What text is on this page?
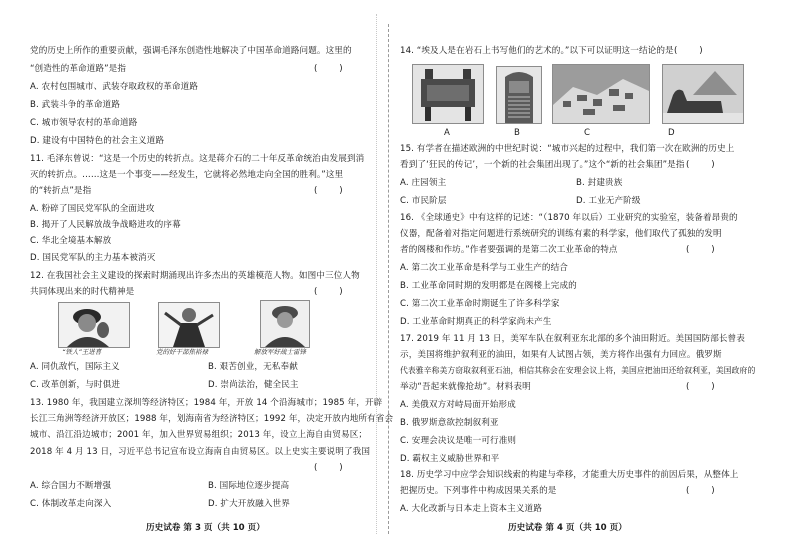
党的历史上所作的重要贡献，强调毛泽东创造性地解决了中国革命道路问题。这里的
“创造性的革命道路”是指	(        )
A. 农村包围城市、武装夺取政权的革命道路
B. 武装斗争的革命道路
C. 城市领导农村的革命道路
D. 建设有中国特色的社会主义道路
11. 毛泽东曾说：“这是一个历史的转折点。这是蒋介石的二十年反革命统治由发展到消
灭的转折点。……这是一个事变——经发生，它就将必然地走向全国的胜利。”这里
的“转折点”是指	(        )
A. 粉碎了国民党军队的全面进攻
B. 揭开了人民解放战争战略进攻的序幕
C. 华北全境基本解放
D. 国民党军队的主力基本被消灭
12. 在我国社会主义建设的探索时期涌现出许多杰出的英雄模范人物。如图中三位人物
共同体现出来的时代精神是	(        )
“铁人”王进喜	党的好干部焦裕禄	解放军好战士雷锋
A. 同仇敌忾，国际主义	B. 艰苦创业，无私奉献
C. 改革创新，与时俱进	D. 崇尚法治，健全民主
13. 1980 年，我国建立深圳等经济特区；1984 年，开放 14 个沿海城市；1985 年，开辟
长江三角洲等经济开放区；1988 年，划海南省为经济特区；1992 年，决定开放内地所有省会
城市、沿江沿边城市；2001 年，加入世界贸易组织；2013 年，设立上海自由贸易区；
2018 年 4 月 13 日，习近平总书记宣布设立海南自由贸易区。以上史实主要说明了我国
(        )
A. 综合国力不断增强	B. 国际地位逐步提高
C. 体制改革走向深入	D. 扩大开放融入世界
历史试卷 第 3 页（共 10 页）
14. “埃及人是在岩石上书写他们的艺术的。”以下可以证明这一结论的是 (        )
A	B	C	D
15. 有学者在描述欧洲的中世纪时说：“城市兴起的过程中，我们第一次在欧洲的历史上
看到了‘狂民的传记’，一个新的社会集团出现了。”这个“新的社会集团”是指 (        )
A. 庄园领主	B. 封建贵族
C. 市民阶层	D. 工业无产阶级
16. 《全球通史》中有这样的记述：“（1870 年以后）工业研究的实验室，装备着昂贵的
仪器，配备着对指定问题进行系统研究的训练有素的科学家，他们取代了孤独的发明
者的阁楼和作坊。”作者要强调的是第二次工业革命的特点	(        )
A. 第二次工业革命是科学与工业生产的结合
B. 工业革命同时期的发明都是在阁楼上完成的
C. 第二次工业革命时期诞生了许多科学家
D. 工业革命时期真正的科学家尚未产生
17. 2019 年 11 月 13 日，美军车队在叙利亚东北部的多个油田附近。美国国防部长曾表
示，美国将维护叙利亚的油田，如果有人试图占领，美方将作出强有力回应。俄罗斯
代表雅辛称美方窃取叙利亚石油，相信其称会在安理会议上将，美国应把油田还给叙利亚，美国政府的
举动“吾起来就像抢劫”。材料表明	(        )
A. 美俄双方对峙局面开始形成
B. 俄罗斯意欲控制叙利亚
C. 安理会决议是唯一可行准则
D. 霸权主义威胁世界和平
18. 历史学习中应学会知识线索的构建与牵移，才能重大历史事件的前因后果，从整体上
把握历史。下列事件中构成因果关系的是	(        )
A. 大化改新与日本走上资本主义道路
历史试卷 第 4 页（共 10 页）
